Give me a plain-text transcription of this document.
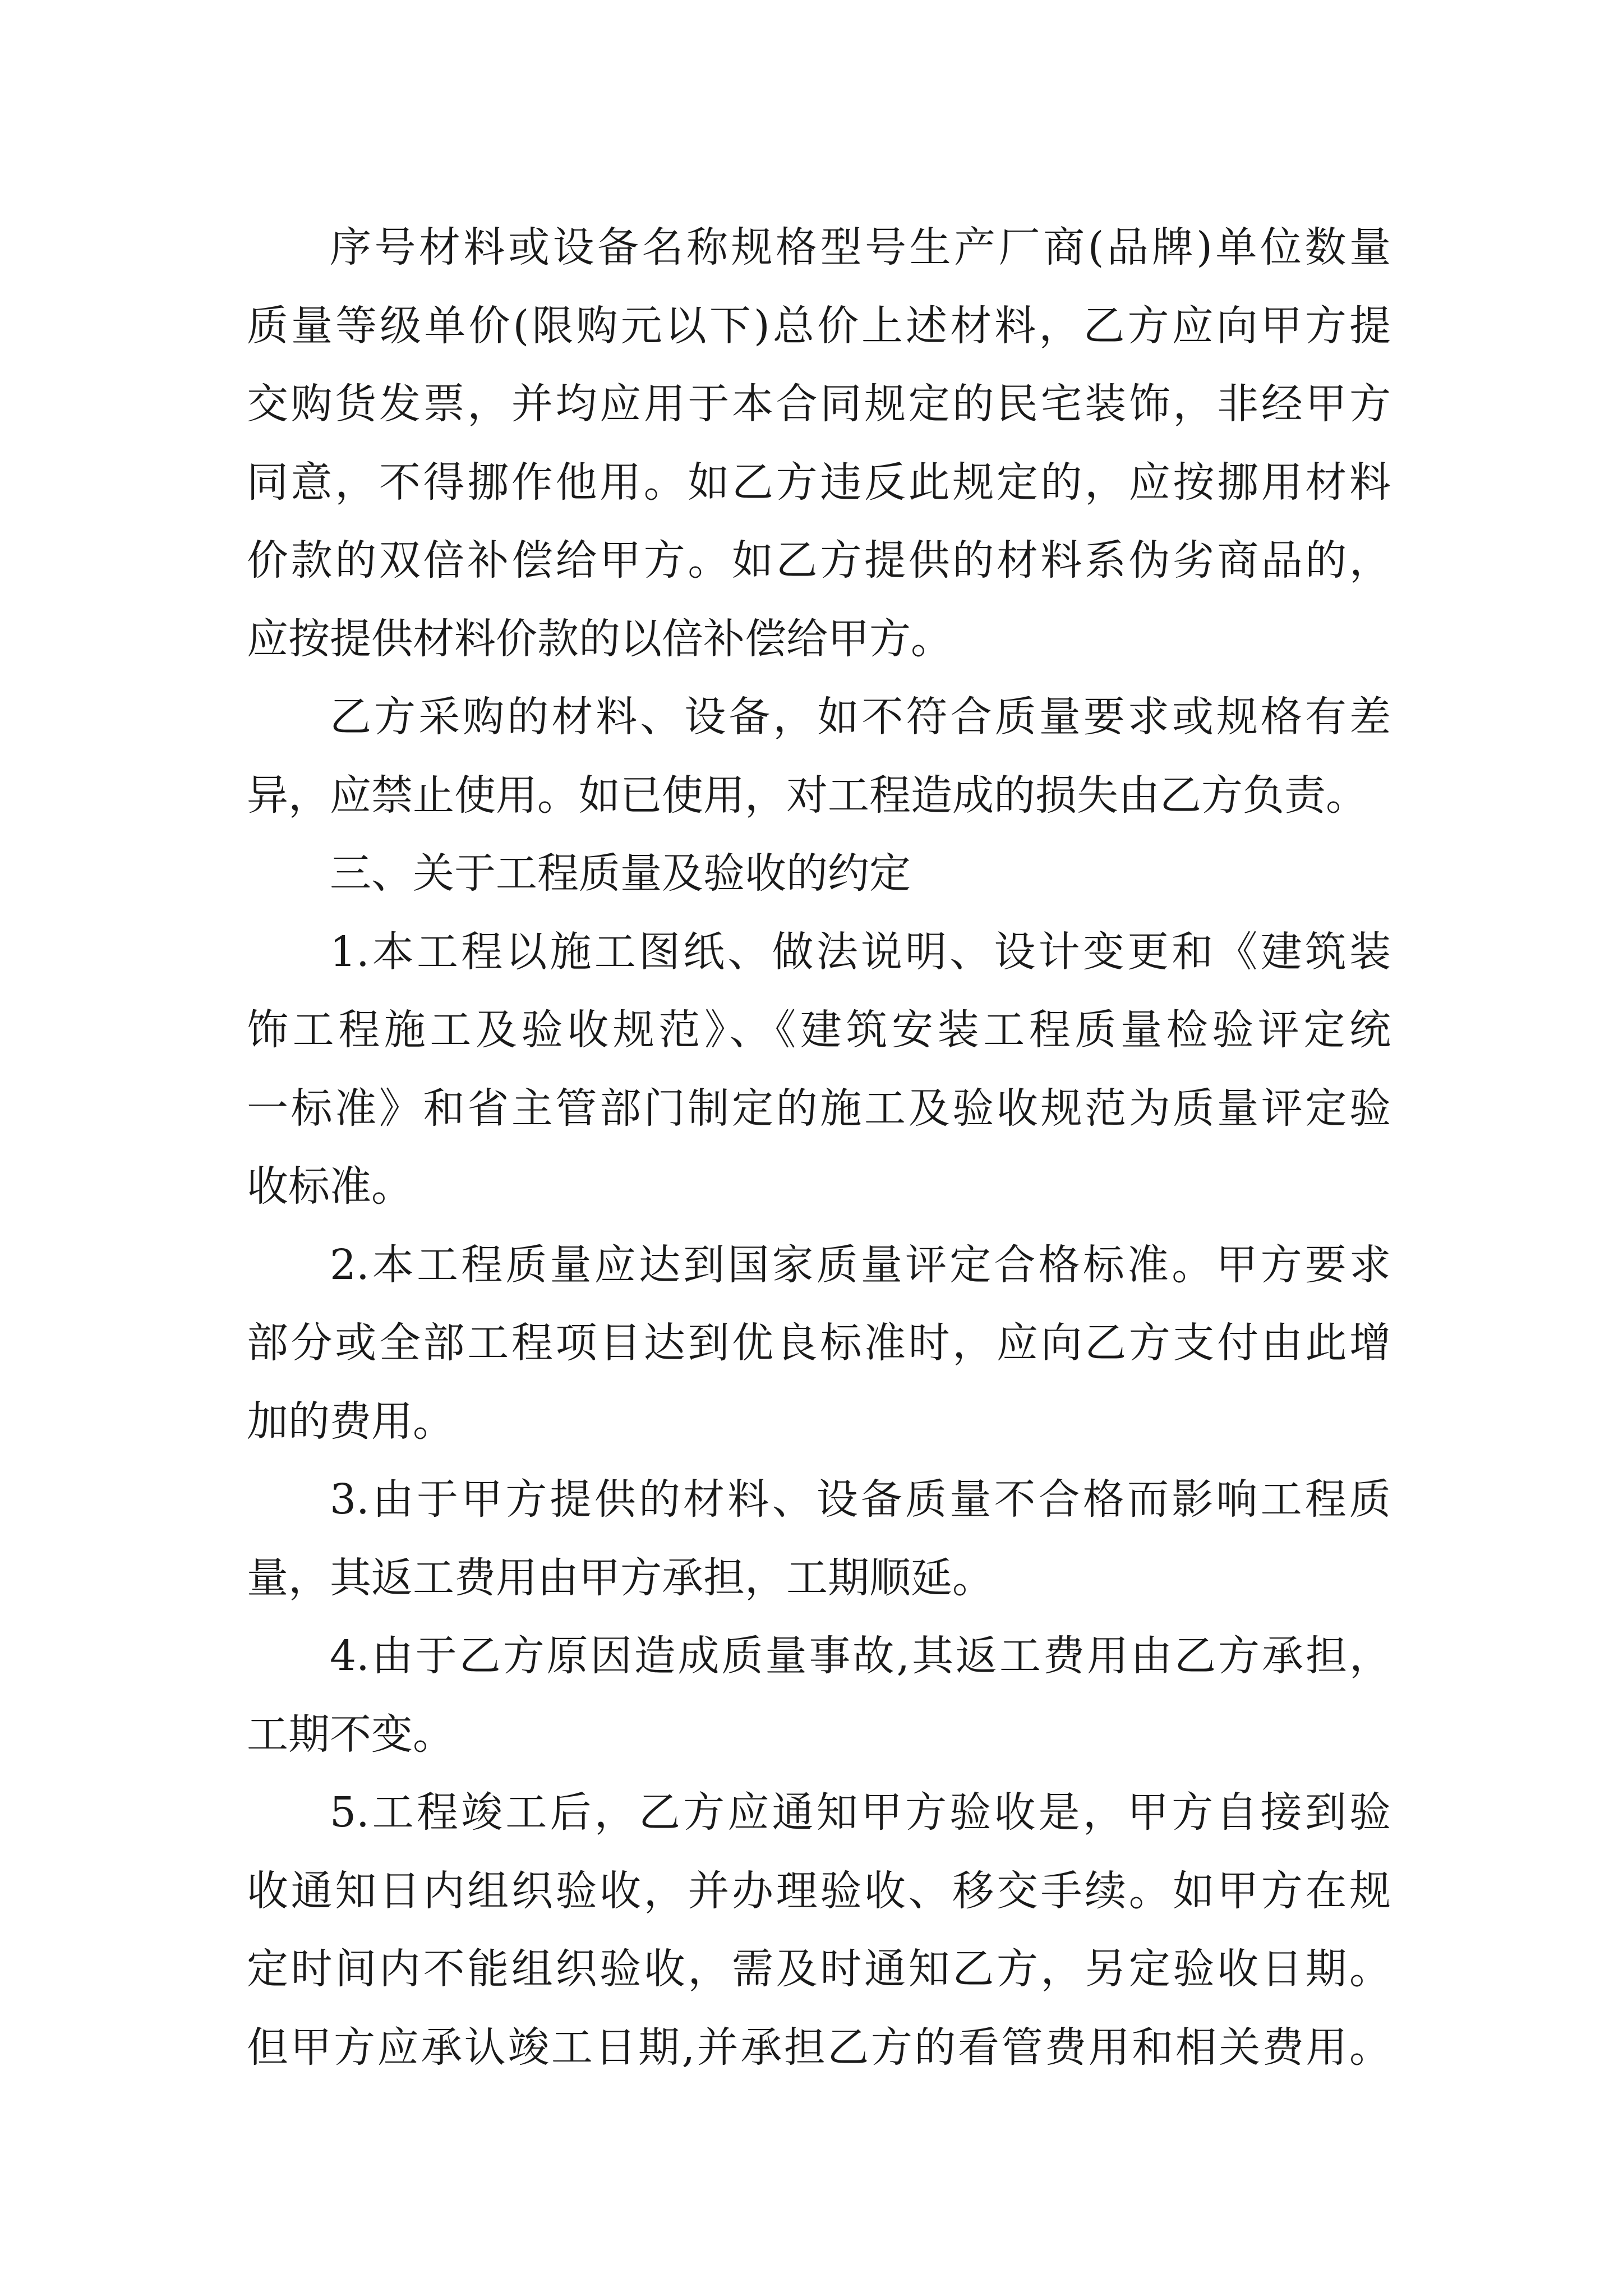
序号材料或设备名称规格型号生产厂商(品牌)单位数量
质量等级单价(限购元以下)总价上述材料，乙方应向甲方提
交购货发票，并均应用于本合同规定的民宅装饰，非经甲方
同意，不得挪作他用。如乙方违反此规定的，应按挪用材料
价款的双倍补偿给甲方。如乙方提供的材料系伪劣商品的，
应按提供材料价款的以倍补偿给甲方。
乙方采购的材料、设备，如不符合质量要求或规格有差
异，应禁止使用。如已使用，对工程造成的损失由乙方负责。
三、关于工程质量及验收的约定
1.本工程以施工图纸、做法说明、设计变更和《建筑装
饰工程施工及验收规范》、《建筑安装工程质量检验评定统
一标准》和省主管部门制定的施工及验收规范为质量评定验
收标准。
2.本工程质量应达到国家质量评定合格标准。甲方要求
部分或全部工程项目达到优良标准时，应向乙方支付由此增
加的费用。
3.由于甲方提供的材料、设备质量不合格而影响工程质
量，其返工费用由甲方承担，工期顺延。
4.由于乙方原因造成质量事故,其返工费用由乙方承担，
工期不变。
5.工程竣工后，乙方应通知甲方验收是，甲方自接到验
收通知日内组织验收，并办理验收、移交手续。如甲方在规
定时间内不能组织验收，需及时通知乙方，另定验收日期。
但甲方应承认竣工日期,并承担乙方的看管费用和相关费用。
